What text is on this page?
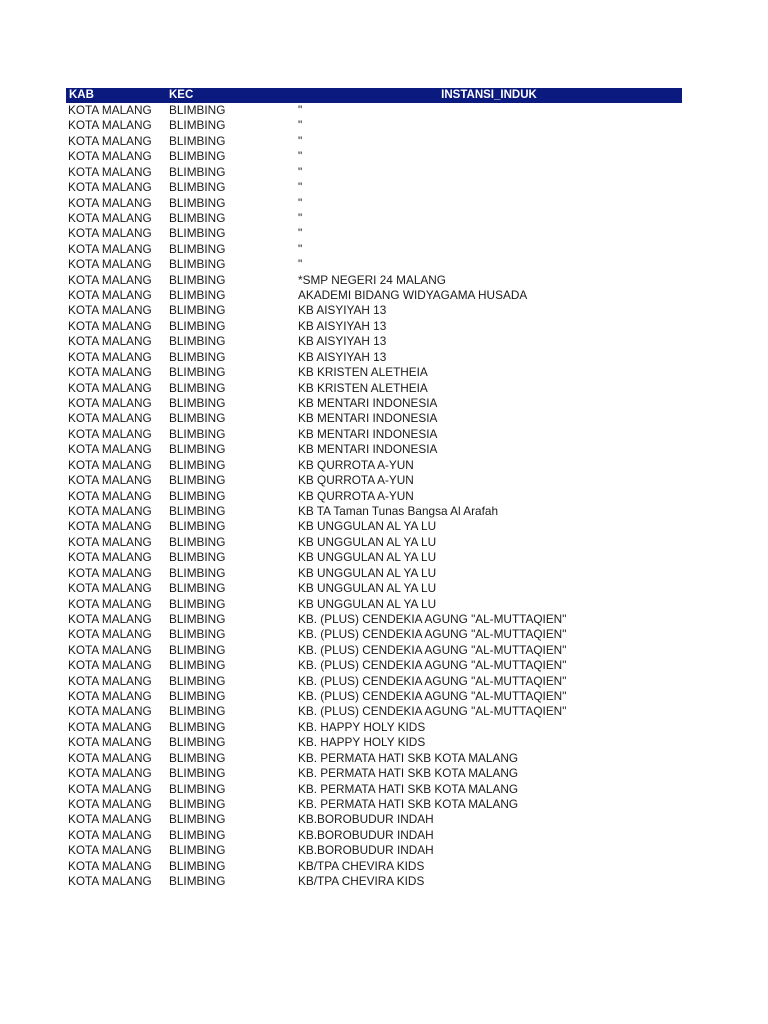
KAB	KEC	INSTANSI_INDUK
KOTA MALANG	BLIMBING	"
KOTA MALANG	BLIMBING	"
KOTA MALANG	BLIMBING	"
KOTA MALANG	BLIMBING	"
KOTA MALANG	BLIMBING	"
KOTA MALANG	BLIMBING	"
KOTA MALANG	BLIMBING	"
KOTA MALANG	BLIMBING	"
KOTA MALANG	BLIMBING	"
KOTA MALANG	BLIMBING	"
KOTA MALANG	BLIMBING	"
KOTA MALANG	BLIMBING	*SMP NEGERI 24 MALANG
KOTA MALANG	BLIMBING	AKADEMI BIDANG WIDYAGAMA HUSADA
KOTA MALANG	BLIMBING	KB AISYIYAH 13
KOTA MALANG	BLIMBING	KB AISYIYAH 13
KOTA MALANG	BLIMBING	KB AISYIYAH 13
KOTA MALANG	BLIMBING	KB AISYIYAH 13
KOTA MALANG	BLIMBING	KB KRISTEN ALETHEIA
KOTA MALANG	BLIMBING	KB KRISTEN ALETHEIA
KOTA MALANG	BLIMBING	KB MENTARI INDONESIA
KOTA MALANG	BLIMBING	KB MENTARI INDONESIA
KOTA MALANG	BLIMBING	KB MENTARI INDONESIA
KOTA MALANG	BLIMBING	KB MENTARI INDONESIA
KOTA MALANG	BLIMBING	KB QURROTA A-YUN
KOTA MALANG	BLIMBING	KB QURROTA A-YUN
KOTA MALANG	BLIMBING	KB QURROTA A-YUN
KOTA MALANG	BLIMBING	KB TA Taman Tunas Bangsa Al Arafah
KOTA MALANG	BLIMBING	KB UNGGULAN AL YA LU
KOTA MALANG	BLIMBING	KB UNGGULAN AL YA LU
KOTA MALANG	BLIMBING	KB UNGGULAN AL YA LU
KOTA MALANG	BLIMBING	KB UNGGULAN AL YA LU
KOTA MALANG	BLIMBING	KB UNGGULAN AL YA LU
KOTA MALANG	BLIMBING	KB UNGGULAN AL YA LU
KOTA MALANG	BLIMBING	KB. (PLUS) CENDEKIA AGUNG "AL-MUTTAQIEN"
KOTA MALANG	BLIMBING	KB. (PLUS) CENDEKIA AGUNG "AL-MUTTAQIEN"
KOTA MALANG	BLIMBING	KB. (PLUS) CENDEKIA AGUNG "AL-MUTTAQIEN"
KOTA MALANG	BLIMBING	KB. (PLUS) CENDEKIA AGUNG "AL-MUTTAQIEN"
KOTA MALANG	BLIMBING	KB. (PLUS) CENDEKIA AGUNG "AL-MUTTAQIEN"
KOTA MALANG	BLIMBING	KB. (PLUS) CENDEKIA AGUNG "AL-MUTTAQIEN"
KOTA MALANG	BLIMBING	KB. (PLUS) CENDEKIA AGUNG "AL-MUTTAQIEN"
KOTA MALANG	BLIMBING	KB. HAPPY HOLY KIDS
KOTA MALANG	BLIMBING	KB. HAPPY HOLY KIDS
KOTA MALANG	BLIMBING	KB. PERMATA HATI SKB KOTA MALANG
KOTA MALANG	BLIMBING	KB. PERMATA HATI SKB KOTA MALANG
KOTA MALANG	BLIMBING	KB. PERMATA HATI SKB KOTA MALANG
KOTA MALANG	BLIMBING	KB. PERMATA HATI SKB KOTA MALANG
KOTA MALANG	BLIMBING	KB.BOROBUDUR INDAH
KOTA MALANG	BLIMBING	KB.BOROBUDUR INDAH
KOTA MALANG	BLIMBING	KB.BOROBUDUR INDAH
KOTA MALANG	BLIMBING	KB/TPA CHEVIRA KIDS
KOTA MALANG	BLIMBING	KB/TPA CHEVIRA KIDS
